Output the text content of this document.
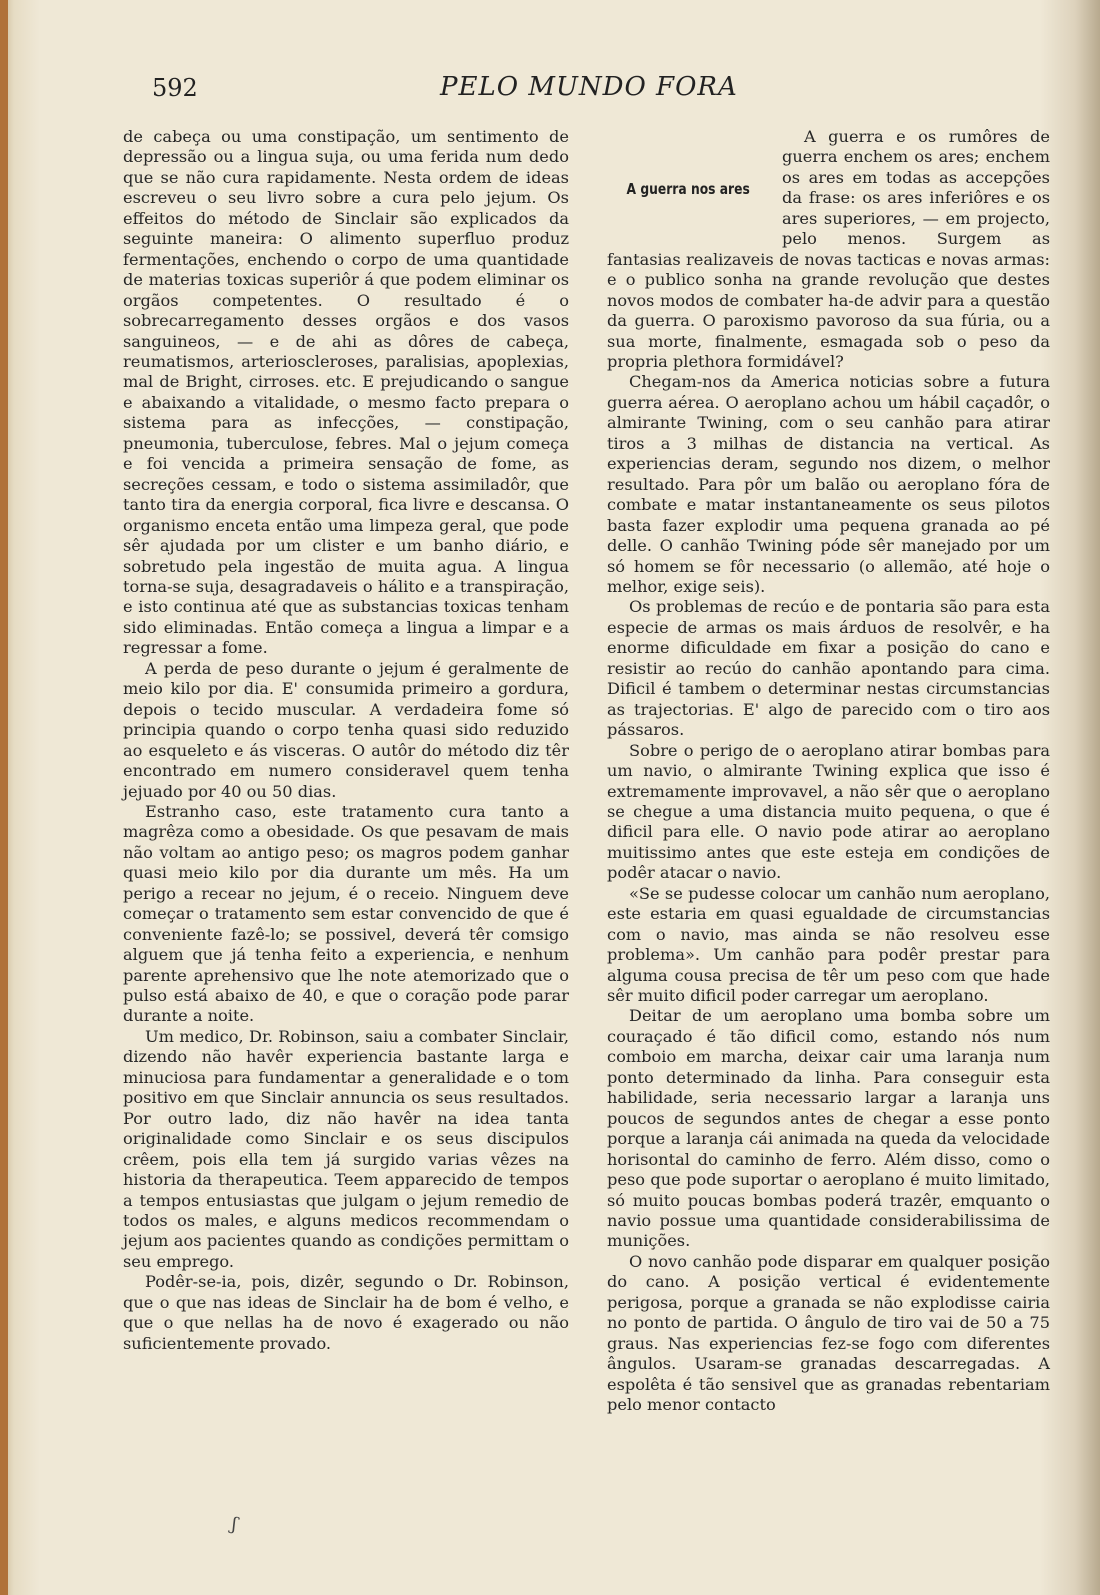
592	PELO MUNDO FORA

de cabeça ou uma constipação, um sentimento de depressão ou a lingua suja, ou uma ferida num dedo que se não cura rapidamente. Nesta ordem de ideas escreveu o seu livro sobre a cura pelo jejum. Os effeitos do método de Sinclair são explicados da seguinte maneira: O alimento superfluo produz fermentações, enchendo o corpo de uma quantidade de materias toxicas superiôr á que podem eliminar os orgãos competentes. O resultado é o sobrecarregamento desses orgãos e dos vasos sanguineos, — e de ahi as dôres de cabeça, reumatismos, arterioscleroses, paralisias, apoplexias, mal de Bright, cirroses. etc. E prejudicando o sangue e abaixando a vitalidade, o mesmo facto prepara o sistema para as infecções, — constipação, pneumonia, tuberculose, febres. Mal o jejum começa e foi vencida a primeira sensação de fome, as secreções cessam, e todo o sistema assimiladôr, que tanto tira da energia corporal, fica livre e descansa. O organismo enceta então uma limpeza geral, que pode sêr ajudada por um clister e um banho diário, e sobretudo pela ingestão de muita agua. A lingua torna-se suja, desagradaveis o hálito e a transpiração, e isto continua até que as substancias toxicas tenham sido eliminadas. Então começa a lingua a limpar e a regressar a fome.

A perda de peso durante o jejum é geralmente de meio kilo por dia. E' consumida primeiro a gordura, depois o tecido muscular. A verdadeira fome só principia quando o corpo tenha quasi sido reduzido ao esqueleto e ás visceras. O autôr do método diz têr encontrado em numero consideravel quem tenha jejuado por 40 ou 50 dias.

Estranho caso, este tratamento cura tanto a magrêza como a obesidade. Os que pesavam de mais não voltam ao antigo peso; os magros podem ganhar quasi meio kilo por dia durante um mês. Ha um perigo a recear no jejum, é o receio. Ninguem deve começar o tratamento sem estar convencido de que é conveniente fazê-lo; se possivel, deverá têr comsigo alguem que já tenha feito a experiencia, e nenhum parente aprehensivo que lhe note atemorizado que o pulso está abaixo de 40, e que o coração pode parar durante a noite.

Um medico, Dr. Robinson, saiu a combater Sinclair, dizendo não havêr experiencia bastante larga e minuciosa para fundamentar a generalidade e o tom positivo em que Sinclair annuncia os seus resultados. Por outro lado, diz não havêr na idea tanta originalidade como Sinclair e os seus discipulos crêem, pois ella tem já surgido varias vêzes na historia da therapeutica. Teem apparecido de tempos a tempos entusiastas que julgam o jejum remedio de todos os males, e alguns medicos recommendam o jejum aos pacientes quando as condições permittam o seu emprego.

Podêr-se-ia, pois, dizêr, segundo o Dr. Robinson, que o que nas ideas de Sinclair ha de bom é velho, e que o que nellas ha de novo é exagerado ou não suficientemente provado.

A guerra nos ares

A guerra e os rumôres de guerra enchem os ares; enchem os ares em todas as accepções da frase: os ares inferiôres e os ares superiores, — em projecto, pelo menos. Surgem as fantasias realizaveis de novas tacticas e novas armas: e o publico sonha na grande revolução que destes novos modos de combater ha-de advir para a questão da guerra. O paroxismo pavoroso da sua fúria, ou a sua morte, finalmente, esmagada sob o peso da propria plethora formidável?

Chegam-nos da America noticias sobre a futura guerra aérea. O aeroplano achou um hábil caçadôr, o almirante Twining, com o seu canhão para atirar tiros a 3 milhas de distancia na vertical. As experiencias deram, segundo nos dizem, o melhor resultado. Para pôr um balão ou aeroplano fóra de combate e matar instantaneamente os seus pilotos basta fazer explodir uma pequena granada ao pé delle. O canhão Twining póde sêr manejado por um só homem se fôr necessario (o allemão, até hoje o melhor, exige seis).

Os problemas de recúo e de pontaria são para esta especie de armas os mais árduos de resolvêr, e ha enorme dificuldade em fixar a posição do cano e resistir ao recúo do canhão apontando para cima. Dificil é tambem o determinar nestas circumstancias as trajectorias. E' algo de parecido com o tiro aos pássaros.

Sobre o perigo de o aeroplano atirar bombas para um navio, o almirante Twining explica que isso é extremamente improvavel, a não sêr que o aeroplano se chegue a uma distancia muito pequena, o que é dificil para elle. O navio pode atirar ao aeroplano muitissimo antes que este esteja em condições de podêr atacar o navio.

«Se se pudesse colocar um canhão num aeroplano, este estaria em quasi egualdade de circumstancias com o navio, mas ainda se não resolveu esse problema». Um canhão para podêr prestar para alguma cousa precisa de têr um peso com que hade sêr muito dificil poder carregar um aeroplano.

Deitar de um aeroplano uma bomba sobre um couraçado é tão dificil como, estando nós num comboio em marcha, deixar cair uma laranja num ponto determinado da linha. Para conseguir esta habilidade, seria necessario largar a laranja uns poucos de segundos antes de chegar a esse ponto porque a laranja cái animada na queda da velocidade horisontal do caminho de ferro. Além disso, como o peso que pode suportar o aeroplano é muito limitado, só muito poucas bombas poderá trazêr, emquanto o navio possue uma quantidade considerabilissima de munições.

O novo canhão pode disparar em qualquer posição do cano. A posição vertical é evidentemente perigosa, porque a granada se não explodisse cairia no ponto de partida. O ângulo de tiro vai de 50 a 75 graus. Nas experiencias fez-se fogo com diferentes ângulos. Usaram-se granadas descarregadas. A espolêta é tão sensivel que as granadas rebentariam pelo menor contacto

ʃ
